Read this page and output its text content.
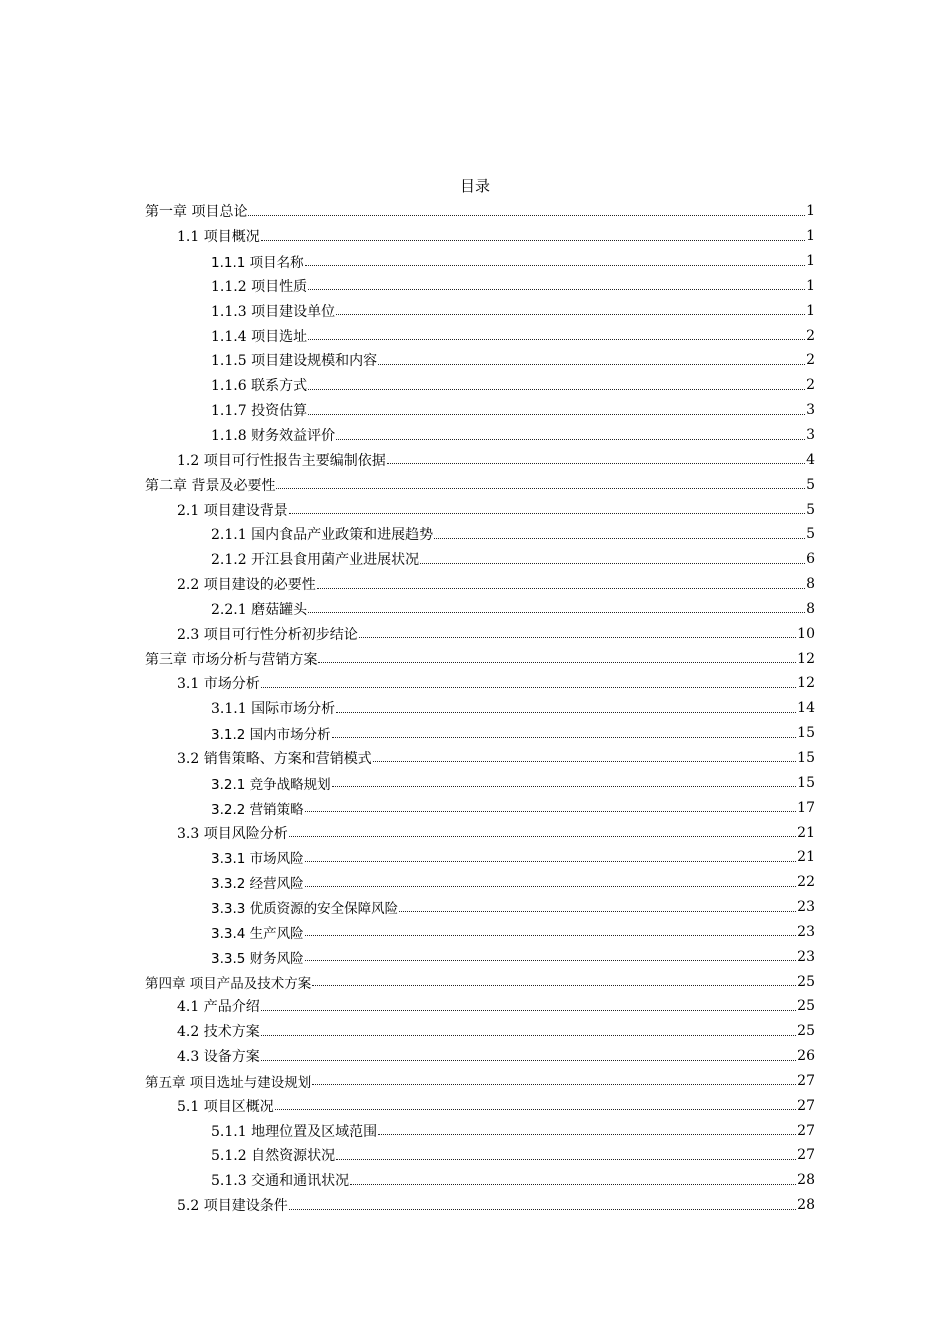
目录
第一章 项目总论	1
1.1 项目概况	1
1.1.1 项目名称	1
1.1.2 项目性质	1
1.1.3 项目建设单位	1
1.1.4 项目选址	2
1.1.5 项目建设规模和内容	2
1.1.6 联系方式	2
1.1.7 投资估算	3
1.1.8 财务效益评价	3
1.2 项目可行性报告主要编制依据	4
第二章 背景及必要性	5
2.1 项目建设背景	5
2.1.1 国内食品产业政策和进展趋势	5
2.1.2 开江县食用菌产业进展状况	6
2.2 项目建设的必要性	8
2.2.1 磨菇罐头	8
2.3 项目可行性分析初步结论	10
第三章 市场分析与营销方案	12
3.1 市场分析	12
3.1.1 国际市场分析	14
3.1.2 国内市场分析	15
3.2 销售策略、方案和营销模式	15
3.2.1 竞争战略规划	15
3.2.2 营销策略	17
3.3 项目风险分析	21
3.3.1 市场风险	21
3.3.2 经营风险	22
3.3.3 优质资源的安全保障风险	23
3.3.4 生产风险	23
3.3.5 财务风险	23
第四章 项目产品及技术方案	25
4.1 产品介绍	25
4.2 技术方案	25
4.3 设备方案	26
第五章 项目选址与建设规划	27
5.1 项目区概况	27
5.1.1 地理位置及区域范围	27
5.1.2 自然资源状况	27
5.1.3 交通和通讯状况	28
5.2 项目建设条件	28
